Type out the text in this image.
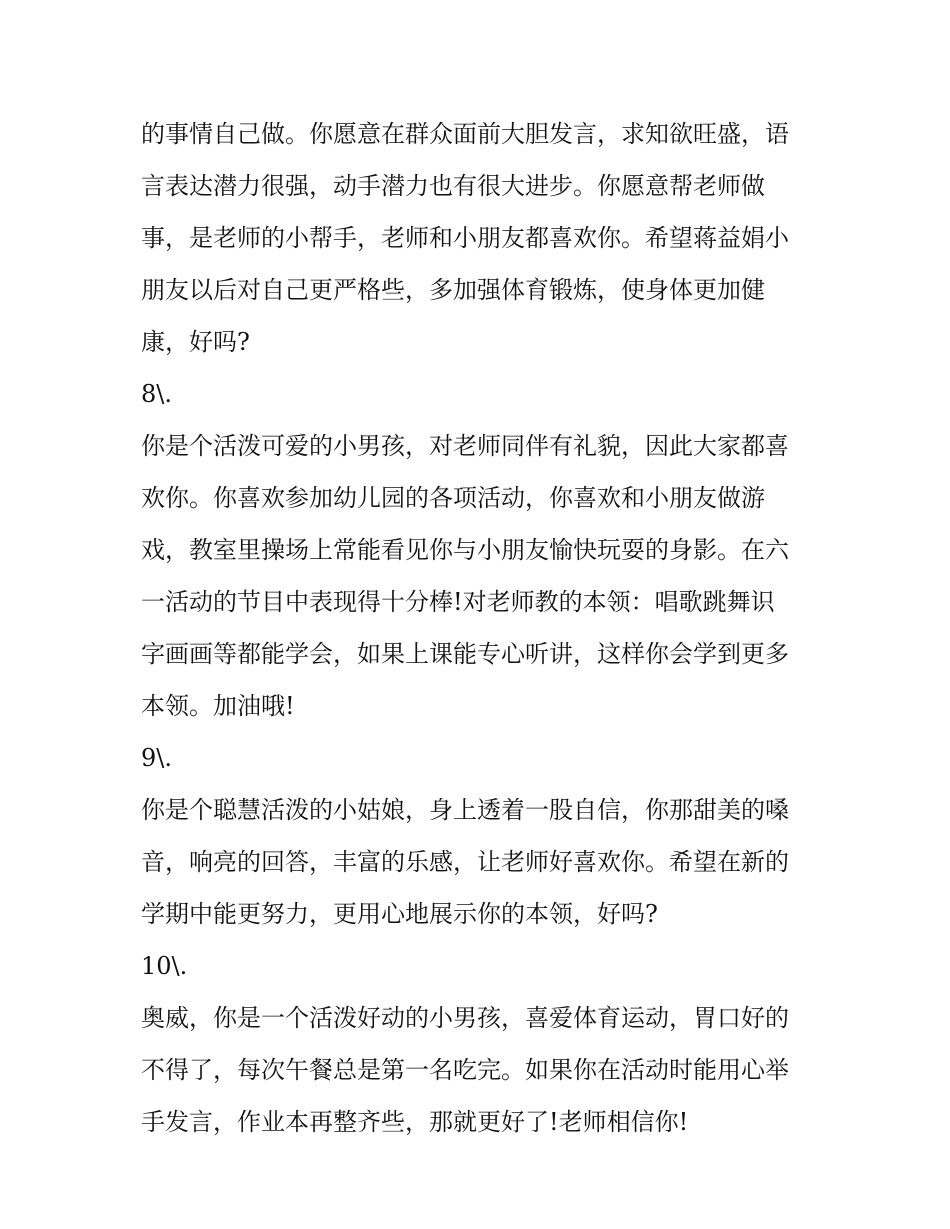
的事情自己做。你愿意在群众面前大胆发言，求知欲旺盛，语
言表达潜力很强，动手潜力也有很大进步。你愿意帮老师做
事，是老师的小帮手，老师和小朋友都喜欢你。希望蒋益娟小
朋友以后对自己更严格些，多加强体育锻炼，使身体更加健
康，好吗?
8\.
你是个活泼可爱的小男孩，对老师同伴有礼貌，因此大家都喜
欢你。你喜欢参加幼儿园的各项活动，你喜欢和小朋友做游
戏，教室里操场上常能看见你与小朋友愉快玩耍的身影。在六
一活动的节目中表现得十分棒!对老师教的本领：唱歌跳舞识
字画画等都能学会，如果上课能专心听讲，这样你会学到更多
本领。加油哦!
9\.
你是个聪慧活泼的小姑娘，身上透着一股自信，你那甜美的嗓
音，响亮的回答，丰富的乐感，让老师好喜欢你。希望在新的
学期中能更努力，更用心地展示你的本领，好吗?
10\.
奥威，你是一个活泼好动的小男孩，喜爱体育运动，胃口好的
不得了，每次午餐总是第一名吃完。如果你在活动时能用心举
手发言，作业本再整齐些，那就更好了!老师相信你!
